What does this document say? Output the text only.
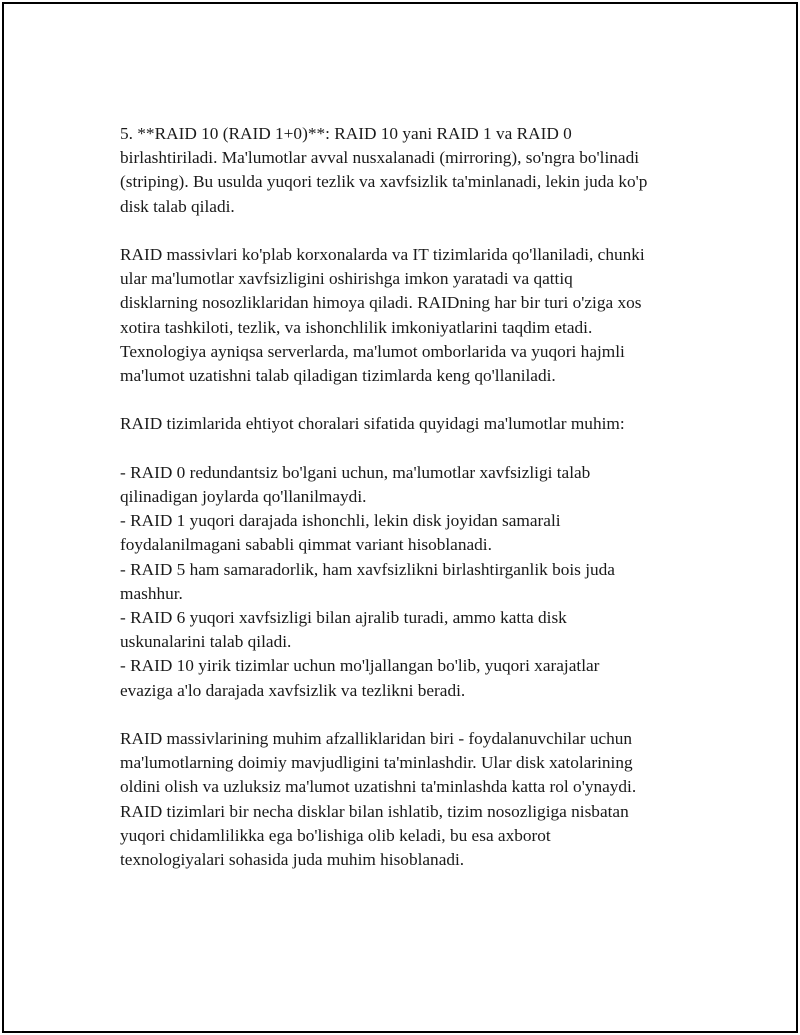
5. **RAID 10 (RAID 1+0)**: RAID 10 yani RAID 1 va RAID 0
birlashtiriladi. Ma'lumotlar avval nusxalanadi (mirroring), so'ngra bo'linadi
(striping). Bu usulda yuqori tezlik va xavfsizlik ta'minlanadi, lekin juda ko'p
disk talab qiladi.

RAID massivlari ko'plab korxonalarda va IT tizimlarida qo'llaniladi, chunki
ular ma'lumotlar xavfsizligini oshirishga imkon yaratadi va qattiq
disklarning nosozliklaridan himoya qiladi. RAIDning har bir turi o'ziga xos
xotira tashkiloti, tezlik, va ishonchlilik imkoniyatlarini taqdim etadi.
Texnologiya ayniqsa serverlarda, ma'lumot omborlarida va yuqori hajmli
ma'lumot uzatishni talab qiladigan tizimlarda keng qo'llaniladi.

RAID tizimlarida ehtiyot choralari sifatida quyidagi ma'lumotlar muhim:

- RAID 0 redundantsiz bo'lgani uchun, ma'lumotlar xavfsizligi talab
qilinadigan joylarda qo'llanilmaydi.
- RAID 1 yuqori darajada ishonchli, lekin disk joyidan samarali
foydalanilmagani sababli qimmat variant hisoblanadi.
- RAID 5 ham samaradorlik, ham xavfsizlikni birlashtirganlik bois juda
mashhur.
- RAID 6 yuqori xavfsizligi bilan ajralib turadi, ammo katta disk
uskunalarini talab qiladi.
- RAID 10 yirik tizimlar uchun mo'ljallangan bo'lib, yuqori xarajatlar
evaziga a'lo darajada xavfsizlik va tezlikni beradi.

RAID massivlarining muhim afzalliklaridan biri - foydalanuvchilar uchun
ma'lumotlarning doimiy mavjudligini ta'minlashdir. Ular disk xatolarining
oldini olish va uzluksiz ma'lumot uzatishni ta'minlashda katta rol o'ynaydi.
RAID tizimlari bir necha disklar bilan ishlatib, tizim nosozligiga nisbatan
yuqori chidamlilikka ega bo'lishiga olib keladi, bu esa axborot
texnologiyalari sohasida juda muhim hisoblanadi.
